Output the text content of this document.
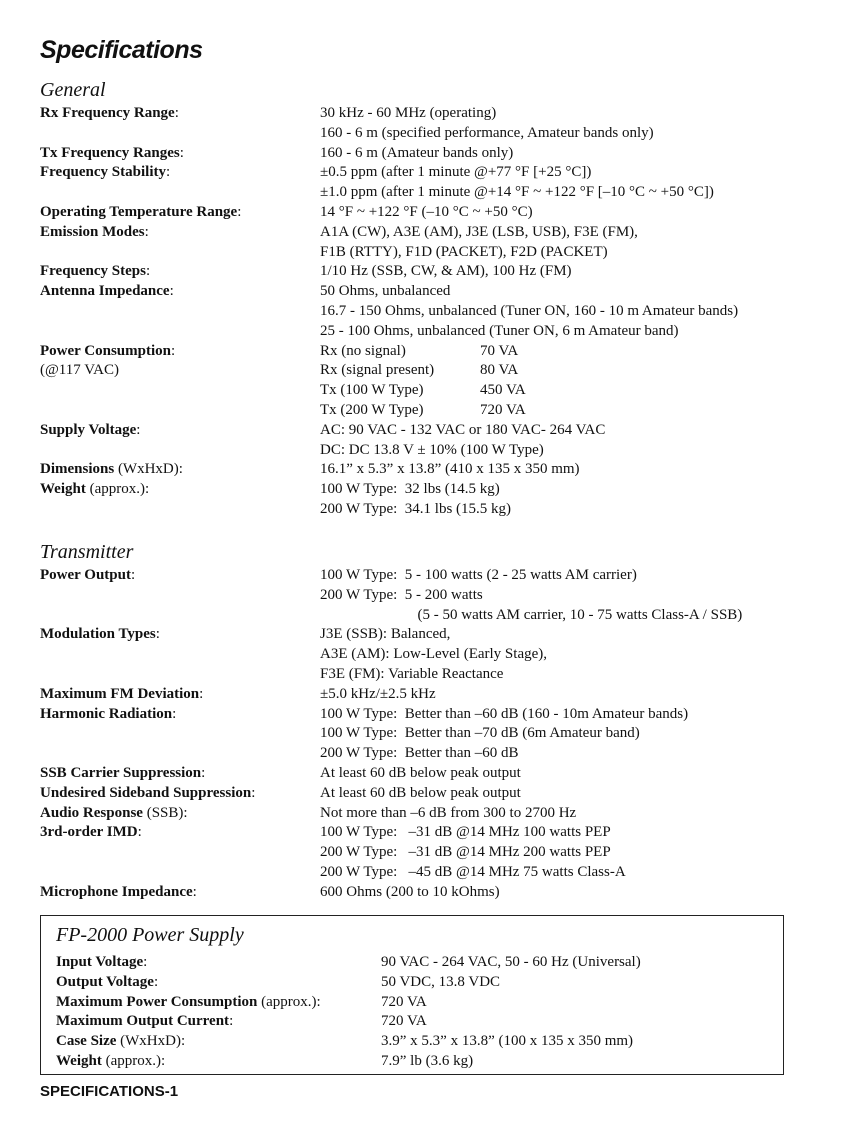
Specifications
General
Rx Frequency Range:	30 kHz - 60 MHz (operating)
160 - 6 m (specified performance, Amateur bands only)
Tx Frequency Ranges:	160 - 6 m (Amateur bands only)
Frequency Stability:	±0.5 ppm (after 1 minute @+77 °F [+25 °C])
±1.0 ppm (after 1 minute @+14 °F ~ +122 °F [–10 °C ~ +50 °C])
Operating Temperature Range:	14 °F ~ +122 °F (–10 °C ~ +50 °C)
Emission Modes:	A1A (CW), A3E (AM), J3E (LSB, USB), F3E (FM),
F1B (RTTY), F1D (PACKET), F2D (PACKET)
Frequency Steps:	1/10 Hz (SSB, CW, & AM), 100 Hz (FM)
Antenna Impedance:	50 Ohms, unbalanced
16.7 - 150 Ohms, unbalanced (Tuner ON, 160 - 10 m Amateur bands)
25 - 100 Ohms, unbalanced (Tuner ON, 6 m Amateur band)
Power Consumption:
(@117 VAC)
Rx (no signal)	70 VA
Rx (signal present)	80 VA
Tx (100 W Type)	450 VA
Tx (200 W Type)	720 VA
Supply Voltage:	AC: 90 VAC - 132 VAC or 180 VAC- 264 VAC
DC: DC 13.8 V ± 10% (100 W Type)
Dimensions (WxHxD):	16.1” x 5.3” x 13.8” (410 x 135 x 350 mm)
Weight (approx.):	100 W Type:  32 lbs (14.5 kg)
200 W Type:  34.1 lbs (15.5 kg)
Transmitter
Power Output:	100 W Type:  5 - 100 watts (2 - 25 watts AM carrier)
200 W Type:  5 - 200 watts
(5 - 50 watts AM carrier, 10 - 75 watts Class-A / SSB)
Modulation Types:	J3E (SSB): Balanced,
A3E (AM): Low-Level (Early Stage),
F3E (FM): Variable Reactance
Maximum FM Deviation:	±5.0 kHz/±2.5 kHz
Harmonic Radiation:	100 W Type:  Better than –60 dB (160 - 10m Amateur bands)
100 W Type:  Better than –70 dB (6m Amateur band)
200 W Type:  Better than –60 dB
SSB Carrier Suppression:	At least 60 dB below peak output
Undesired Sideband Suppression:	At least 60 dB below peak output
Audio Response (SSB):	Not more than –6 dB from 300 to 2700 Hz
3rd-order IMD:	100 W Type:   –31 dB @14 MHz 100 watts PEP
200 W Type:   –31 dB @14 MHz 200 watts PEP
200 W Type:   –45 dB @14 MHz 75 watts Class-A
Microphone Impedance:	600 Ohms (200 to 10 kOhms)
FP-2000 Power Supply
Input Voltage:	90 VAC - 264 VAC, 50 - 60 Hz (Universal)
Output Voltage:	50 VDC, 13.8 VDC
Maximum Power Consumption (approx.):	720 VA
Maximum Output Current:	720 VA
Case Size (WxHxD):	3.9” x 5.3” x 13.8” (100 x 135 x 350 mm)
Weight (approx.):	7.9” lb (3.6 kg)
SPECIFICATIONS-1
